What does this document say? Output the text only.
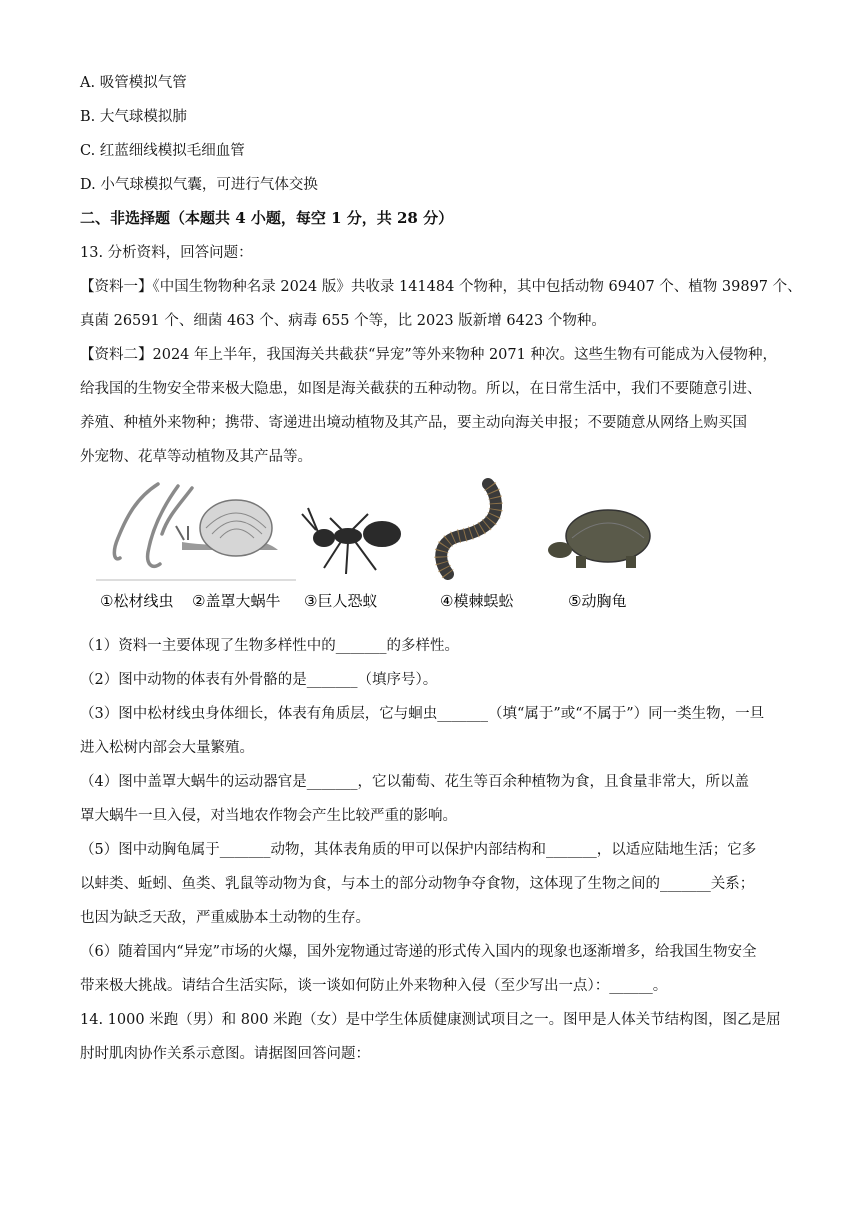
A. 吸管模拟气管
B. 大气球模拟肺
C. 红蓝细线模拟毛细血管
D. 小气球模拟气囊，可进行气体交换
二、非选择题（本题共 4 小题，每空 1 分，共 28 分）
13. 分析资料，回答问题：
【资料一】《中国生物物种名录 2024 版》共收录 141484 个物种，其中包括动物 69407 个、植物 39897 个、
真菌 26591 个、细菌 463 个、病毒 655 个等，比 2023 版新增 6423 个物种。
【资料二】2024 年上半年，我国海关共截获“异宠”等外来物种 2071 种次。这些生物有可能成为入侵物种，
给我国的生物安全带来极大隐患，如图是海关截获的五种动物。所以，在日常生活中，我们不要随意引进、
养殖、种植外来物种；携带、寄递进出境动植物及其产品，要主动向海关申报；不要随意从网络上购买国
外宠物、花草等动植物及其产品等。
①松材线虫 ②盖罩大蜗牛 ③巨人恐蚁	④模棘蜈蚣	⑤动胸龟
（1）资料一主要体现了生物多样性中的_______的多样性。
（2）图中动物的体表有外骨骼的是_______（填序号）。
（3）图中松材线虫身体细长，体表有角质层，它与蛔虫_______（填“属于”或“不属于”）同一类生物，一旦
进入松树内部会大量繁殖。
（4）图中盖罩大蜗牛的运动器官是_______，它以葡萄、花生等百余种植物为食，且食量非常大，所以盖
罩大蜗牛一旦入侵，对当地农作物会产生比较严重的影响。
（5）图中动胸龟属于_______动物，其体表角质的甲可以保护内部结构和_______，以适应陆地生活；它多
以蚌类、蚯蚓、鱼类、乳鼠等动物为食，与本土的部分动物争夺食物，这体现了生物之间的_______关系；
也因为缺乏天敌，严重威胁本土动物的生存。
（6）随着国内“异宠”市场的火爆，国外宠物通过寄递的形式传入国内的现象也逐渐增多，给我国生物安全
带来极大挑战。请结合生活实际，谈一谈如何防止外来物种入侵（至少写出一点）：______。
14. 1000 米跑（男）和 800 米跑（女）是中学生体质健康测试项目之一。图甲是人体关节结构图，图乙是屈
肘时肌肉协作关系示意图。请据图回答问题：
